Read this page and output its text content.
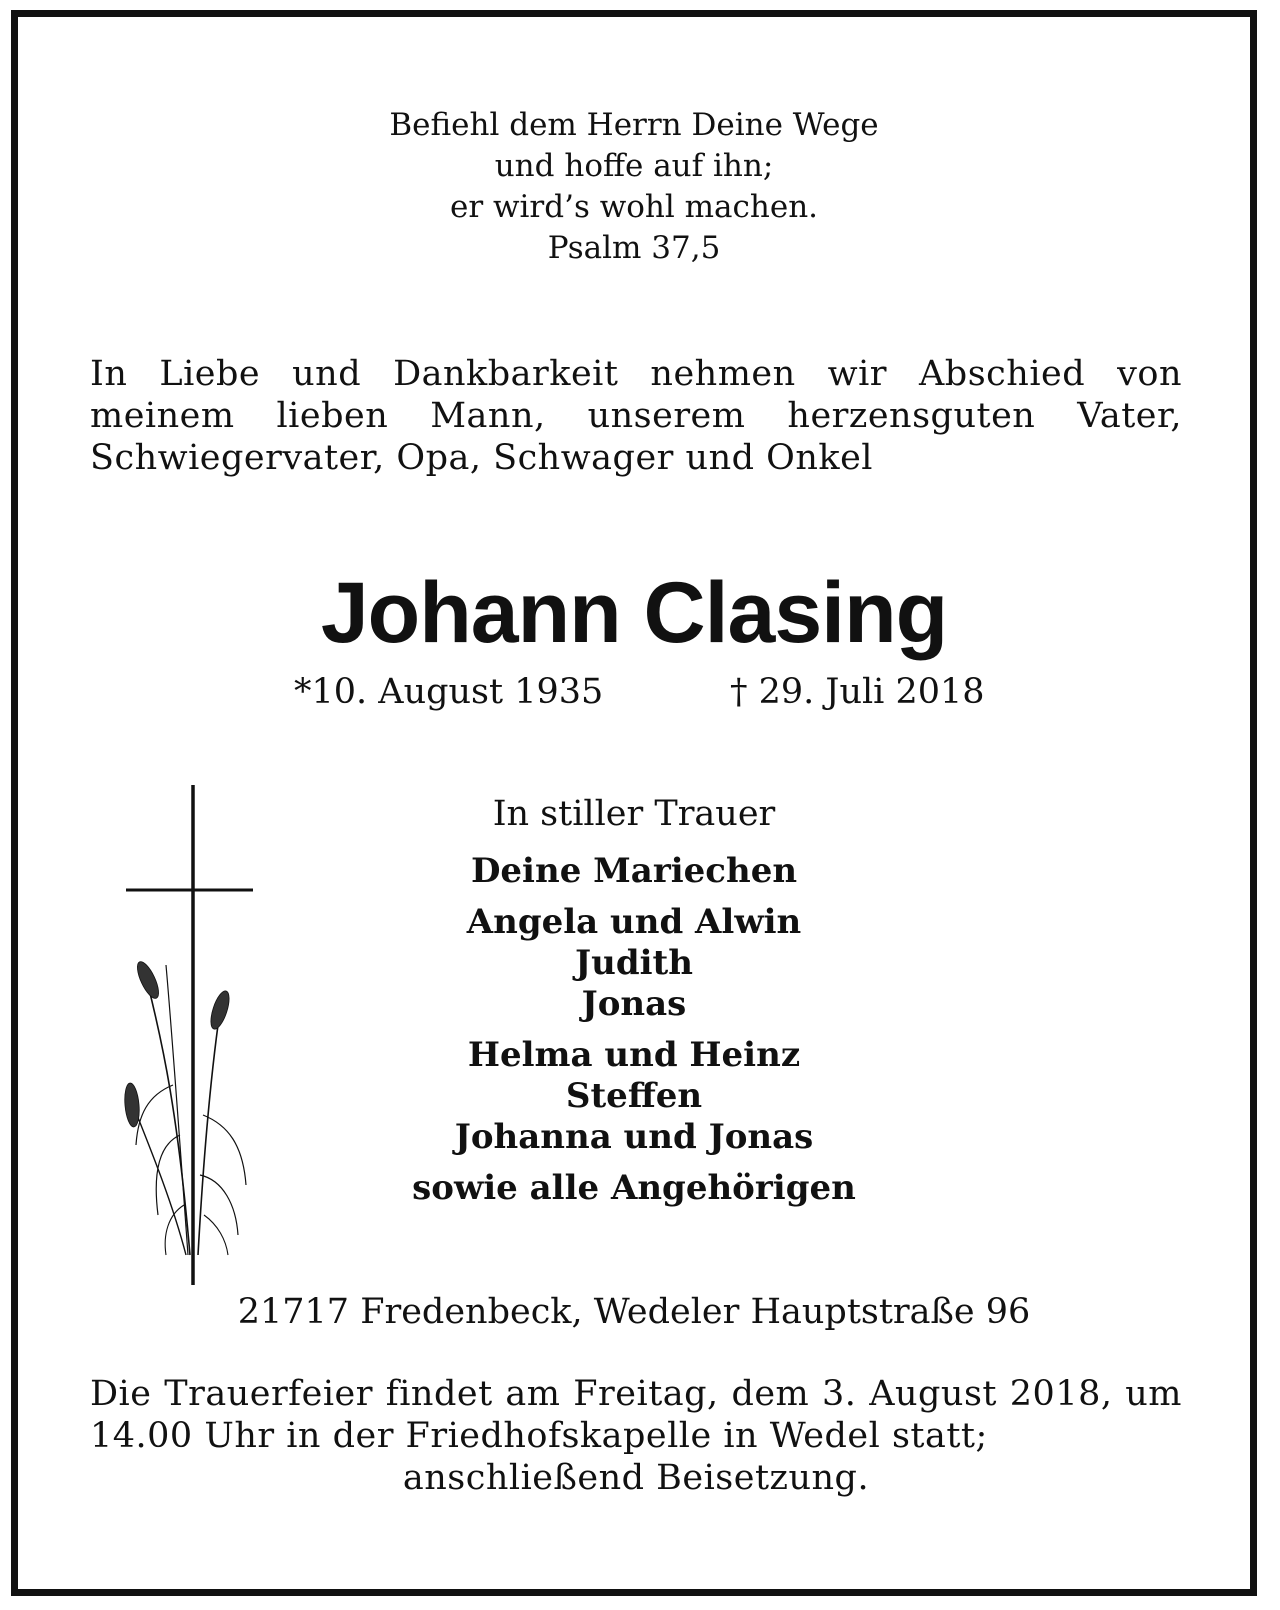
Befiehl dem Herrn Deine Wege
und hoffe auf ihn;
er wird’s wohl machen.
Psalm 37,5
In Liebe und Dankbarkeit nehmen wir Abschied von meinem lieben Mann, unserem herzensguten Vater, Schwiegervater, Opa, Schwager und Onkel
Johann Clasing
*10. August 1935	† 29. Juli 2018
In stiller Trauer
Deine Mariechen
Angela und Alwin
Judith
Jonas
Helma und Heinz
Steffen
Johanna und Jonas
sowie alle Angehörigen
21717 Fredenbeck, Wedeler Hauptstraße 96
Die Trauerfeier findet am Freitag, dem 3. August 2018, um 14.00 Uhr in der Friedhofskapelle in Wedel statt;
anschließend Beisetzung.
